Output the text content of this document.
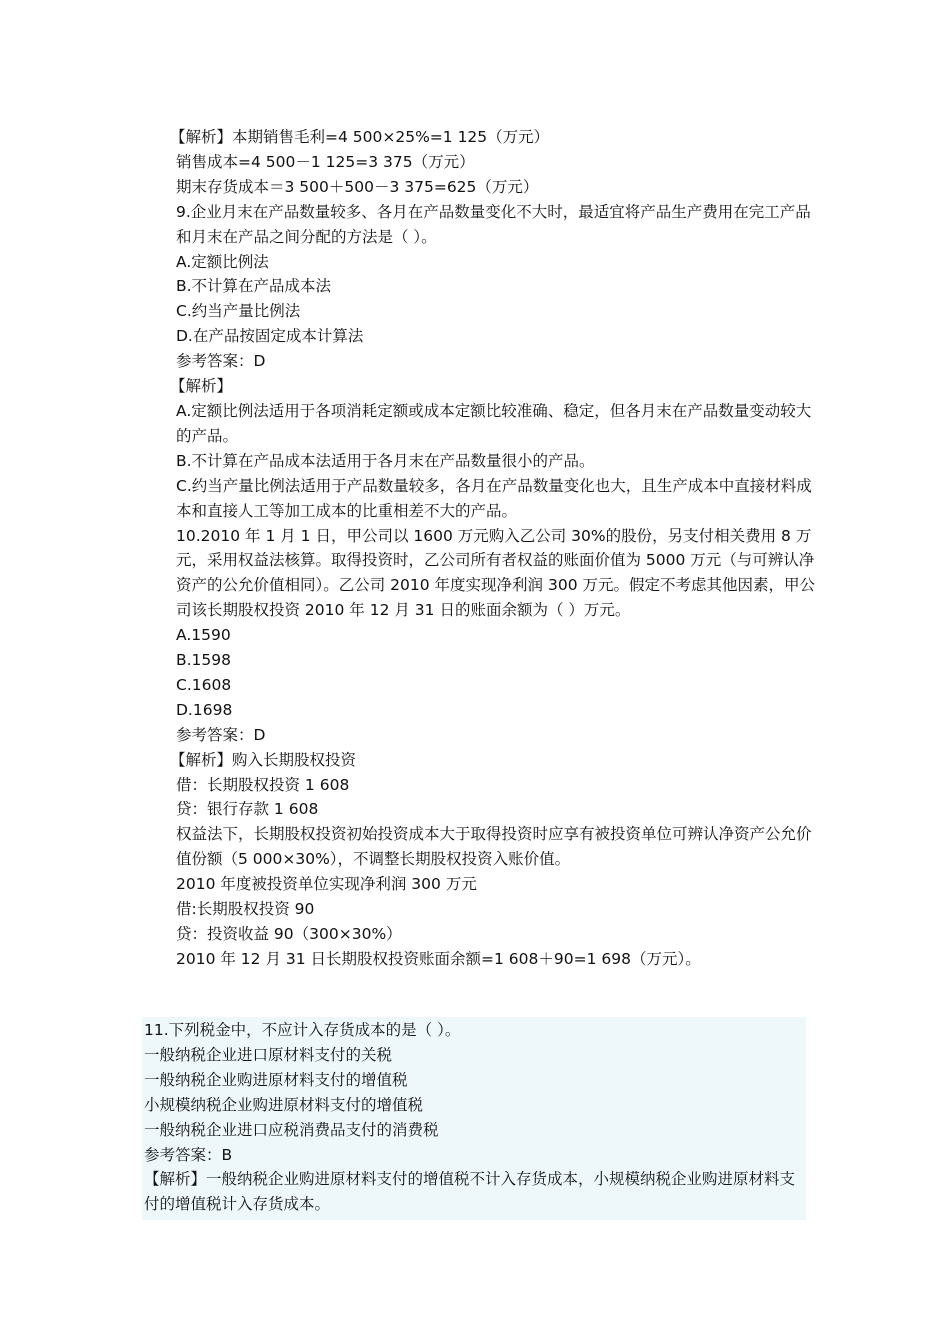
【解析】本期销售毛利=4 500×25%=1 125（万元）
销售成本=4 500－1 125=3 375（万元）
期末存货成本＝3 500＋500－3 375=625（万元）
9.企业月末在产品数量较多、各月在产品数量变化不大时，最适宜将产品生产费用在完工产品和月末在产品之间分配的方法是（ ）。
A.定额比例法
B.不计算在产品成本法
C.约当产量比例法
D.在产品按固定成本计算法
参考答案：D
【解析】
A.定额比例法适用于各项消耗定额或成本定额比较准确、稳定，但各月末在产品数量变动较大的产品。
B.不计算在产品成本法适用于各月末在产品数量很小的产品。
C.约当产量比例法适用于产品数量较多，各月在产品数量变化也大，且生产成本中直接材料成本和直接人工等加工成本的比重相差不大的产品。
10.2010 年 1 月 1 日，甲公司以 1600 万元购入乙公司 30%的股份，另支付相关费用 8 万元，采用权益法核算。取得投资时，乙公司所有者权益的账面价值为 5000 万元（与可辨认净资产的公允价值相同）。乙公司 2010 年度实现净利润 300 万元。假定不考虑其他因素，甲公司该长期股权投资 2010 年 12 月 31 日的账面余额为（ ）万元。
A.1590
B.1598
C.1608
D.1698
参考答案：D
【解析】购入长期股权投资
借：长期股权投资 1 608
贷：银行存款 1 608
权益法下，长期股权投资初始投资成本大于取得投资时应享有被投资单位可辨认净资产公允价值份额（5 000×30%），不调整长期股权投资入账价值。
2010 年度被投资单位实现净利润 300 万元
借:长期股权投资 90
贷：投资收益 90（300×30%）
2010 年 12 月 31 日长期股权投资账面余额=1 608＋90=1 698（万元）。
11.下列税金中，不应计入存货成本的是（ ）。
一般纳税企业进口原材料支付的关税
一般纳税企业购进原材料支付的增值税
小规模纳税企业购进原材料支付的增值税
一般纳税企业进口应税消费品支付的消费税
参考答案：B
【解析】一般纳税企业购进原材料支付的增值税不计入存货成本，小规模纳税企业购进原材料支付的增值税计入存货成本。
